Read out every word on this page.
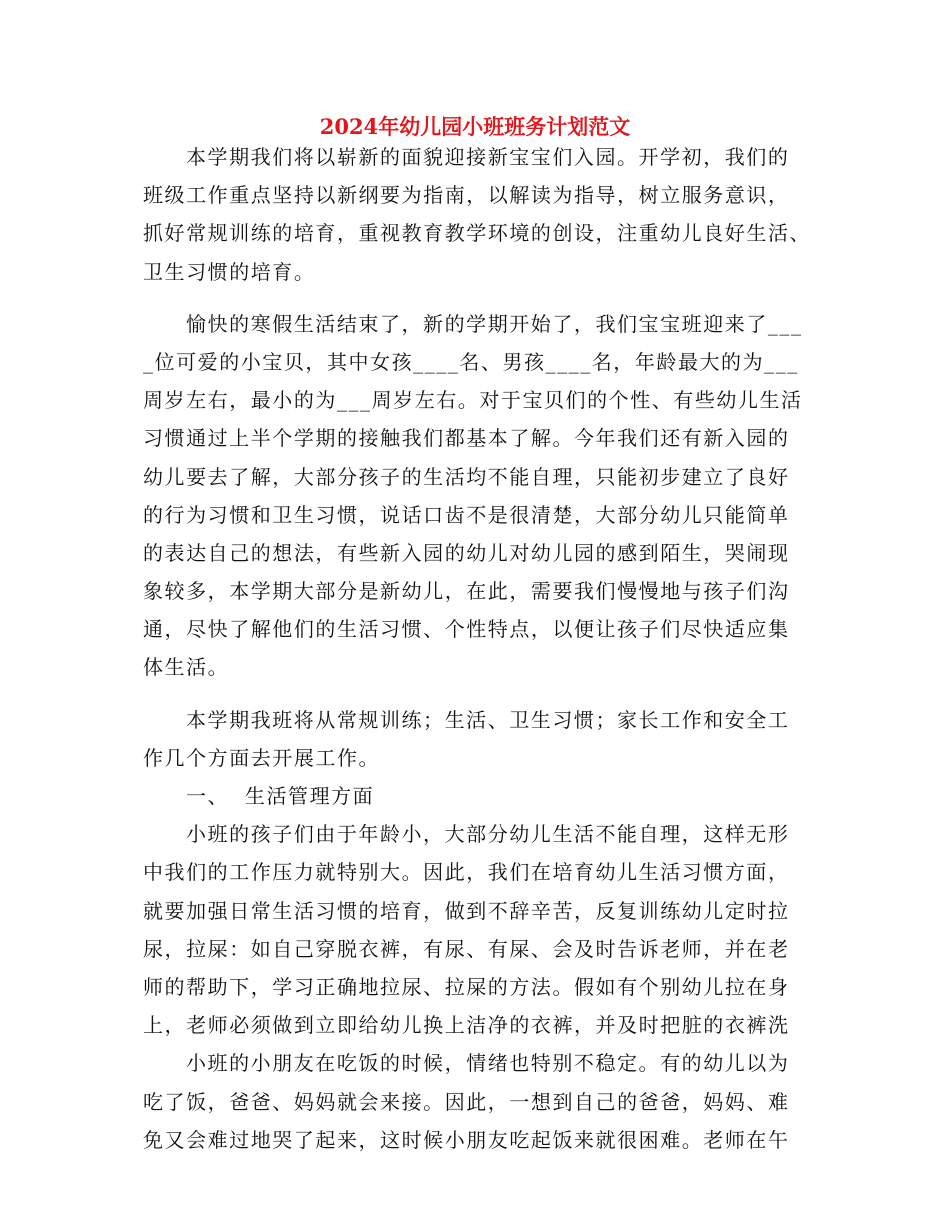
2024年幼儿园小班班务计划范文
本学期我们将以崭新的面貌迎接新宝宝们入园。开学初，我们的
班级工作重点坚持以新纲要为指南，以解读为指导，树立服务意识，
抓好常规训练的培育，重视教育教学环境的创设，注重幼儿良好生活、
卫生习惯的培育。
愉快的寒假生活结束了，新的学期开始了，我们宝宝班迎来了___
_位可爱的小宝贝，其中女孩____名、男孩____名，年龄最大的为___
周岁左右，最小的为___周岁左右。对于宝贝们的个性、有些幼儿生活
习惯通过上半个学期的接触我们都基本了解。今年我们还有新入园的
幼儿要去了解，大部分孩子的生活均不能自理，只能初步建立了良好
的行为习惯和卫生习惯，说话口齿不是很清楚，大部分幼儿只能简单
的表达自己的想法，有些新入园的幼儿对幼儿园的感到陌生，哭闹现
象较多，本学期大部分是新幼儿，在此，需要我们慢慢地与孩子们沟
通，尽快了解他们的生活习惯、个性特点，以便让孩子们尽快适应集
体生活。
本学期我班将从常规训练；生活、卫生习惯；家长工作和安全工
作几个方面去开展工作。
一、  生活管理方面
小班的孩子们由于年龄小，大部分幼儿生活不能自理，这样无形
中我们的工作压力就特别大。因此，我们在培育幼儿生活习惯方面，
就要加强日常生活习惯的培育，做到不辞辛苦，反复训练幼儿定时拉
尿，拉屎：如自己穿脱衣裤，有尿、有屎、会及时告诉老师，并在老
师的帮助下，学习正确地拉尿、拉屎的方法。假如有个别幼儿拉在身
上，老师必须做到立即给幼儿换上洁净的衣裤，并及时把脏的衣裤洗
小班的小朋友在吃饭的时候，情绪也特别不稳定。有的幼儿以为
吃了饭，爸爸、妈妈就会来接。因此，一想到自己的爸爸，妈妈、难
免又会难过地哭了起来，这时候小朋友吃起饭来就很困难。老师在午
